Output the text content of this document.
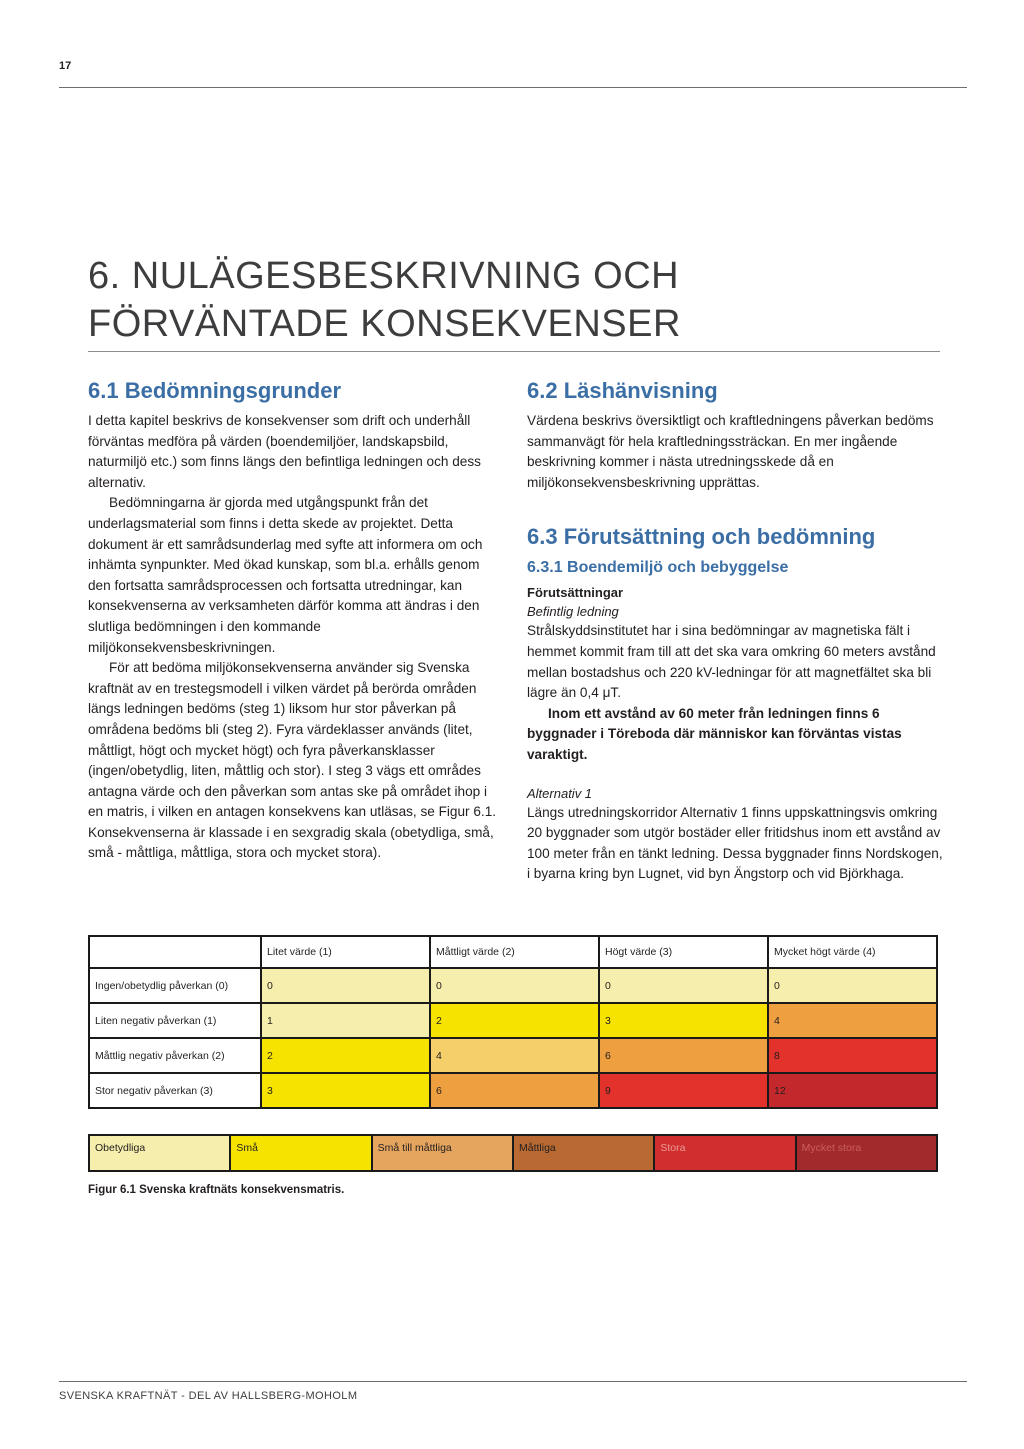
17
6. NULÄGESBESKRIVNING OCH FÖRVÄNTADE KONSEKVENSER
6.1 Bedömningsgrunder

I detta kapitel beskrivs de konsekvenser som drift och underhåll förväntas medföra på värden (boendemiljöer, landskapsbild, naturmiljö etc.) som finns längs den befintliga ledningen och dess alternativ.

Bedömningarna är gjorda med utgångspunkt från det underlagsmaterial som finns i detta skede av projektet. Detta dokument är ett samrådsunderlag med syfte att informera om och inhämta synpunkter. Med ökad kunskap, som bl.a. erhålls genom den fortsatta samrådsprocessen och fortsatta utredningar, kan konsekvenserna av verksamheten därför komma att ändras i den slutliga bedömningen i den kommande miljökonsekvensbeskrivningen.

För att bedöma miljökonsekvenserna använder sig Svenska kraftnät av en trestegsmodell i vilken värdet på berörda områden längs ledningen bedöms (steg 1) liksom hur stor påverkan på områdena bedöms bli (steg 2). Fyra värdeklasser används (litet, måttligt, högt och mycket högt) och fyra påverkansklasser (ingen/obetydlig, liten, måttlig och stor). I steg 3 vägs ett områdes antagna värde och den påverkan som antas ske på området ihop i en matris, i vilken en antagen konsekvens kan utläsas, se Figur 6.1. Konsekvenserna är klassade i en sexgradig skala (obetydliga, små, små - måttliga, måttliga, stora och mycket stora).

6.2 Läshänvisning

Värdena beskrivs översiktligt och kraftledningens påverkan bedöms sammanvägt för hela kraftledningssträckan. En mer ingående beskrivning kommer i nästa utredningsskede då en miljökonsekvensbeskrivning upprättas.

6.3 Förutsättning och bedömning
6.3.1 Boendemiljö och bebyggelse

Förutsättningar

Befintlig ledning

Strålskyddsinstitutet har i sina bedömningar av magnetiska fält i hemmet kommit fram till att det ska vara omkring 60 meters avstånd mellan bostadshus och 220 kV-ledningar för att magnetfältet ska bli lägre än 0,4 μT.

Inom ett avstånd av 60 meter från ledningen finns 6 byggnader i Töreboda där människor kan förväntas vistas varaktigt.

Alternativ 1

Längs utredningskorridor Alternativ 1 finns uppskattningsvis omkring 20 byggnader som utgör bostäder eller fritidshus inom ett avstånd av 100 meter från en tänkt ledning. Dessa byggnader finns Nordskogen, i byarna kring byn Lugnet, vid byn Ängstorp och vid Björkhaga.

	Litet värde (1)	Måttligt värde (2)	Högt värde (3)	Mycket högt värde (4)
Ingen/obetydlig påverkan (0)	0	0	0	0
Liten negativ påverkan (1)	1	2	3	4
Måttlig negativ påverkan (2)	2	4	6	8
Stor negativ påverkan (3)	3	6	9	12
Obetydliga	Små	Små till måttliga	Måttliga	Stora	Mycket stora

Figur 6.1 Svenska kraftnäts konsekvensmatris.

SVENSKA KRAFTNÄT - DEL AV HALLSBERG-MOHOLM
